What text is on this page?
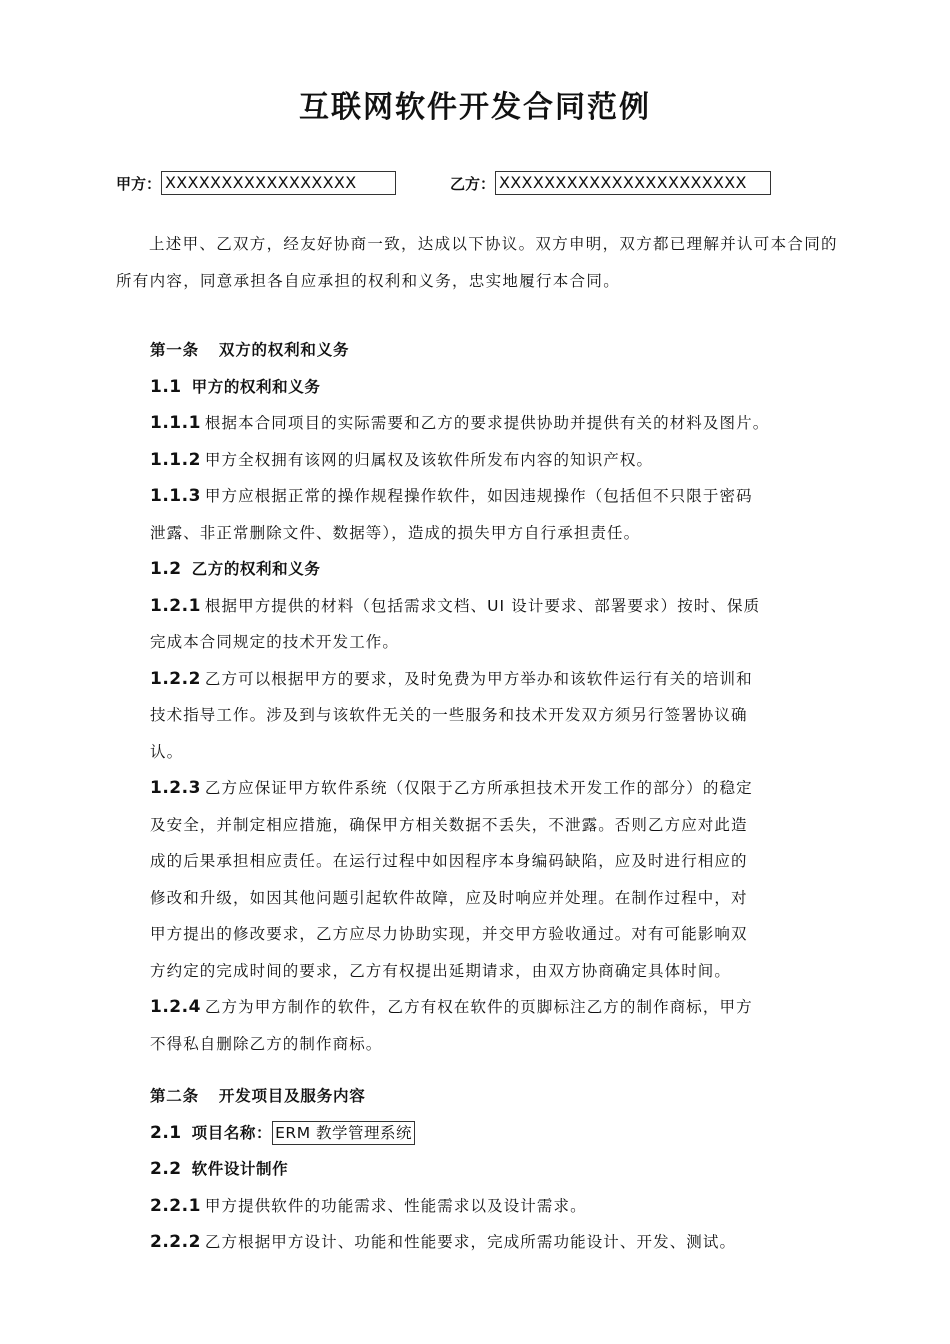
互联网软件开发合同范例
甲方： XXXXXXXXXXXXXXXXX	乙方： XXXXXXXXXXXXXXXXXXXXXX

上述甲、乙双方，经友好协商一致，达成以下协议。双方申明，双方都已理解并认可本合同的所有内容，同意承担各自应承担的权利和义务，忠实地履行本合同。

第一条 双方的权利和义务
1.1 甲方的权利和义务
1.1.1 根据本合同项目的实际需要和乙方的要求提供协助并提供有关的材料及图片。
1.1.2 甲方全权拥有该网的归属权及该软件所发布内容的知识产权。
1.1.3 甲方应根据正常的操作规程操作软件，如因违规操作（包括但不只限于密码
泄露、非正常删除文件、数据等），造成的损失甲方自行承担责任。
1.2 乙方的权利和义务
1.2.1 根据甲方提供的材料（包括需求文档、UI 设计要求、部署要求）按时、保质
完成本合同规定的技术开发工作。
1.2.2 乙方可以根据甲方的要求，及时免费为甲方举办和该软件运行有关的培训和
技术指导工作。涉及到与该软件无关的一些服务和技术开发双方须另行签署协议确
认。
1.2.3 乙方应保证甲方软件系统（仅限于乙方所承担技术开发工作的部分）的稳定
及安全，并制定相应措施，确保甲方相关数据不丢失，不泄露。否则乙方应对此造
成的后果承担相应责任。在运行过程中如因程序本身编码缺陷，应及时进行相应的
修改和升级，如因其他问题引起软件故障，应及时响应并处理。在制作过程中，对
甲方提出的修改要求，乙方应尽力协助实现，并交甲方验收通过。对有可能影响双
方约定的完成时间的要求，乙方有权提出延期请求，由双方协商确定具体时间。
1.2.4 乙方为甲方制作的软件，乙方有权在软件的页脚标注乙方的制作商标，甲方
不得私自删除乙方的制作商标。
第二条 开发项目及服务内容
2.1 项目名称： ERM 教学管理系统
2.2 软件设计制作
2.2.1 甲方提供软件的功能需求、性能需求以及设计需求。
2.2.2 乙方根据甲方设计、功能和性能要求，完成所需功能设计、开发、测试。
